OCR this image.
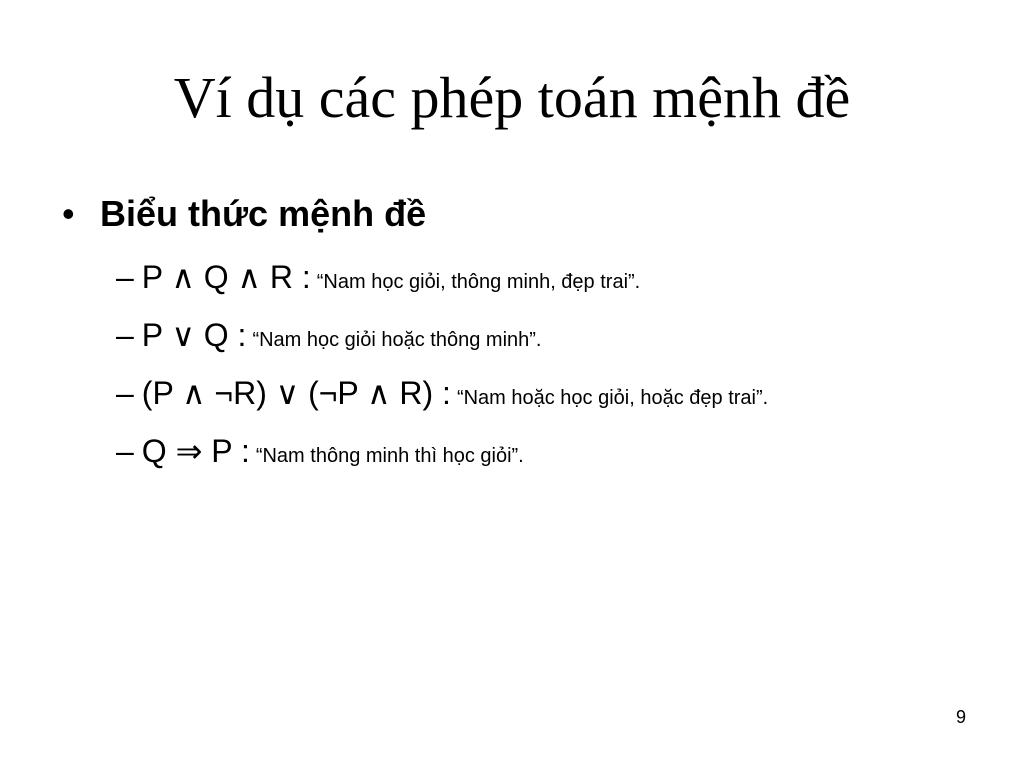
Ví dụ các phép toán mệnh đề
• Biểu thức mệnh đề
– P ∧ Q ∧ R : “Nam học giỏi, thông minh, đẹp trai”.
– P ∨ Q : “Nam học giỏi hoặc thông minh”.
– (P ∧ ¬R) ∨ (¬P ∧ R) : “Nam hoặc học giỏi, hoặc đẹp trai”.
– Q ⇒ P : “Nam thông minh thì học giỏi”.
9
